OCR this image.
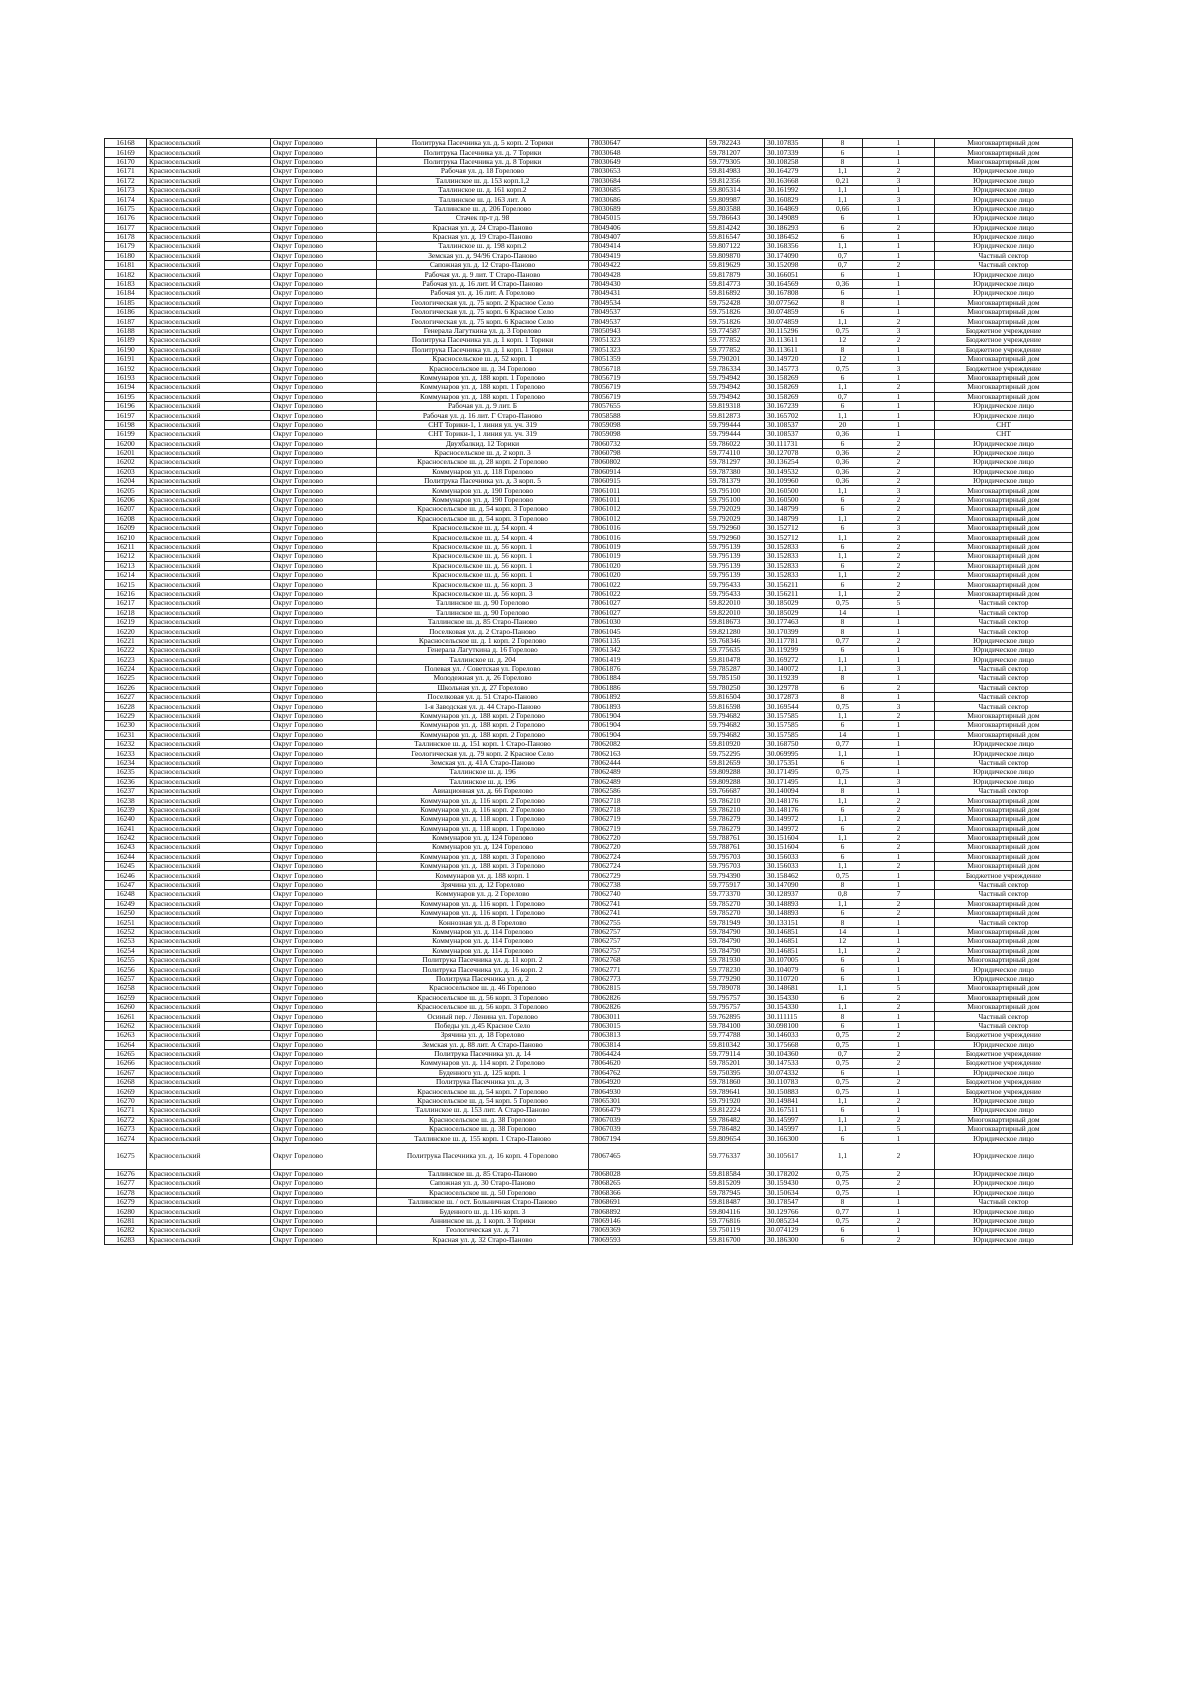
16168	Красносельский	Округ Горелово	Политрука Пасечника ул. д. 5 корп. 2 Торики	78030647	59.782243	30.107835	8	1	Многоквартирный дом
16169	Красносельский	Округ Горелово	Политрука Пасечника ул. д. 7 Торики	78030648	59.781207	30.107339	6	1	Многоквартирный дом
16170	Красносельский	Округ Горелово	Политрука Пасечника ул. д. 8 Торики	78030649	59.779305	30.108258	8	1	Многоквартирный дом
16171	Красносельский	Округ Горелово	Рабочая ул. д. 18 Горелово	78030653	59.814983	30.164279	1,1	2	Юридическое лицо
16172	Красносельский	Округ Горелово	Таллинское ш. д. 153 корп.1,2	78030684	59.812356	30.163668	0,21	3	Юридическое лицо
16173	Красносельский	Округ Горелово	Таллинское ш. д. 161 корп.2	78030685	59.805314	30.161992	1,1	1	Юридическое лицо
16174	Красносельский	Округ Горелово	Таллинское ш. д. 163 лит. А	78030686	59.809987	30.160829	1,1	3	Юридическое лицо
16175	Красносельский	Округ Горелово	Таллинское ш. д. 206 Горелово	78030689	59.803588	30.164869	0,66	1	Юридическое лицо
16176	Красносельский	Округ Горелово	Стачек пр-т д. 98	78045015	59.786643	30.149089	6	1	Юридическое лицо
16177	Красносельский	Округ Горелово	Красная ул. д. 24 Старо-Паново	78049406	59.814242	30.186293	6	2	Юридическое лицо
16178	Красносельский	Округ Горелово	Красная ул. д. 19 Старо-Паново	78049407	59.816547	30.186452	6	1	Юридическое лицо
16179	Красносельский	Округ Горелово	Таллинское ш. д. 198 корп.2	78049414	59.807122	30.168356	1,1	1	Юридическое лицо
16180	Красносельский	Округ Горелово	Земская ул. д. 94/96 Старо-Паново	78049419	59.809870	30.174090	0,7	1	Частный сектор
16181	Красносельский	Округ Горелово	Сапожная ул. д. 12 Старо-Паново	78049422	59.819629	30.152098	0,7	2	Частный сектор
16182	Красносельский	Округ Горелово	Рабочая ул. д. 9 лит. Т Старо-Паново	78049428	59.817879	30.166051	6	1	Юридическое лицо
16183	Красносельский	Округ Горелово	Рабочая ул. д. 16 лит. И Старо-Паново	78049430	59.814773	30.164569	0,36	1	Юридическое лицо
16184	Красносельский	Округ Горелово	Рабочая ул. д. 16 лит. А Горелово	78049431	59.816892	30.167808	6	1	Юридическое лицо
16185	Красносельский	Округ Горелово	Геологическая ул. д. 75 корп. 2 Красное Село	78049534	59.752428	30.077562	8	1	Многоквартирный дом
16186	Красносельский	Округ Горелово	Геологическая ул. д. 75 корп. 6 Красное Село	78049537	59.751826	30.074859	6	1	Многоквартирный дом
16187	Красносельский	Округ Горелово	Геологическая ул. д. 75 корп. 6 Красное Село	78049537	59.751826	30.074859	1,1	2	Многоквартирный дом
16188	Красносельский	Округ Горелово	Генерала Лагуткина ул. д. 3 Горелово	78050943	59.774587	30.115296	0,75	3	Бюджетное учреждение
16189	Красносельский	Округ Горелово	Политрука Пасечника ул. д. 1 корп. 1 Торики	78051323	59.777852	30.113611	12	2	Бюджетное учреждение
16190	Красносельский	Округ Горелово	Политрука Пасечника ул. д. 1 корп. 1 Торики	78051323	59.777852	30.113611	8	1	Бюджетное учреждение
16191	Красносельский	Округ Горелово	Красносельское ш. д. 52 корп. 1	78051359	59.790201	30.149720	12	1	Многоквартирный дом
16192	Красносельский	Округ Горелово	Красносельское ш. д. 34 Горелово	78056718	59.786334	30.145773	0,75	3	Бюджетное учреждение
16193	Красносельский	Округ Горелово	Коммунаров ул. д. 188 корп. 1 Горелово	78056719	59.794942	30.158269	6	1	Многоквартирный дом
16194	Красносельский	Округ Горелово	Коммунаров ул. д. 188 корп. 1 Горелово	78056719	59.794942	30.158269	1,1	2	Многоквартирный дом
16195	Красносельский	Округ Горелово	Коммунаров ул. д. 188 корп. 1 Горелово	78056719	59.794942	30.158269	0,7	1	Многоквартирный дом
16196	Красносельский	Округ Горелово	Рабочая ул. д. 9 лит. Б	78057655	59.819318	30.167239	6	1	Юридическое лицо
16197	Красносельский	Округ Горелово	Рабочая ул. д. 16 лит. Г Старо-Паново	78058588	59.812873	30.165702	1,1	1	Юридическое лицо
16198	Красносельский	Округ Горелово	СНТ Торики-1, 1 линия ул. уч. 319	78059098	59.799444	30.108537	20	1	СНТ
16199	Красносельский	Округ Горелово	СНТ Торики-1, 1 линия ул. уч. 319	78059098	59.799444	30.108537	0,36	1	СНТ
16200	Красносельский	Округ Горелово	Двухбалкид. 12 Торики	78060732	59.786022	30.111731	6	2	Юридическое лицо
16201	Красносельский	Округ Горелово	Красносельское ш. д. 2 корп. 3	78060798	59.774110	30.127078	0,36	2	Юридическое лицо
16202	Красносельский	Округ Горелово	Красносельское ш. д. 28 корп. 2 Горелово	78060802	59.781297	30.136254	0,36	2	Юридическое лицо
16203	Красносельский	Округ Горелово	Коммунаров ул. д. 118 Горелово	78060914	59.787380	30.149532	0,36	2	Юридическое лицо
16204	Красносельский	Округ Горелово	Политрука Пасечника ул. д. 3 корп. 5	78060915	59.781379	30.109960	0,36	2	Юридическое лицо
16205	Красносельский	Округ Горелово	Коммунаров ул. д. 190 Горелово	78061011	59.795100	30.160500	1,1	3	Многоквартирный дом
16206	Красносельский	Округ Горелово	Коммунаров ул. д. 190 Горелово	78061011	59.795100	30.160500	6	2	Многоквартирный дом
16207	Красносельский	Округ Горелово	Красносельское ш. д. 54 корп. 3 Горелово	78061012	59.792029	30.148799	6	2	Многоквартирный дом
16208	Красносельский	Округ Горелово	Красносельское ш. д. 54 корп. 3 Горелово	78061012	59.792029	30.148799	1,1	2	Многоквартирный дом
16209	Красносельский	Округ Горелово	Красносельское ш. д. 54 корп. 4	78061016	59.792960	30.152712	6	3	Многоквартирный дом
16210	Красносельский	Округ Горелово	Красносельское ш. д. 54 корп. 4	78061016	59.792960	30.152712	1,1	2	Многоквартирный дом
16211	Красносельский	Округ Горелово	Красносельское ш. д. 56 корп. 1	78061019	59.795139	30.152833	6	2	Многоквартирный дом
16212	Красносельский	Округ Горелово	Красносельское ш. д. 56 корп. 1	78061019	59.795139	30.152833	1,1	2	Многоквартирный дом
16213	Красносельский	Округ Горелово	Красносельское ш. д. 56 корп. 1	78061020	59.795139	30.152833	6	2	Многоквартирный дом
16214	Красносельский	Округ Горелово	Красносельское ш. д. 56 корп. 1	78061020	59.795139	30.152833	1,1	2	Многоквартирный дом
16215	Красносельский	Округ Горелово	Красносельское ш. д. 56 корп. 3	78061022	59.795433	30.156211	6	2	Многоквартирный дом
16216	Красносельский	Округ Горелово	Красносельское ш. д. 56 корп. 3	78061022	59.795433	30.156211	1,1	2	Многоквартирный дом
16217	Красносельский	Округ Горелово	Таллинское ш. д. 90 Горелово	78061027	59.822010	30.185029	0,75	5	Частный сектор
16218	Красносельский	Округ Горелово	Таллинское ш. д. 90 Горелово	78061027	59.822010	30.185029	14	1	Частный сектор
16219	Красносельский	Округ Горелово	Таллинское ш. д. 85 Старо-Паново	78061030	59.818673	30.177463	8	1	Частный сектор
16220	Красносельский	Округ Горелово	Поселковая ул. д. 2 Старо-Паново	78061045	59.821280	30.170399	8	1	Частный сектор
16221	Красносельский	Округ Горелово	Красносельское ш. д. 1 корп. 2 Горелово	78061135	59.768346	30.117781	0,77	2	Юридическое лицо
16222	Красносельский	Округ Горелово	Генерала Лагуткина д. 16 Горелово	78061342	59.775635	30.119299	6	1	Юридическое лицо
16223	Красносельский	Округ Горелово	Таллинское ш. д. 204	78061419	59.810478	30.169272	1,1	1	Юридическое лицо
16224	Красносельский	Округ Горелово	Полевая ул. / Советская ул. Горелово	78061876	59.785287	30.140072	1,1	3	Частный сектор
16225	Красносельский	Округ Горелово	Молодежная ул. д. 26 Горелово	78061884	59.785150	30.119239	8	1	Частный сектор
16226	Красносельский	Округ Горелово	Школьная ул. д. 27 Горелово	78061886	59.780250	30.129778	6	2	Частный сектор
16227	Красносельский	Округ Горелово	Поселковая ул. д. 51 Старо-Паново	78061892	59.816504	30.172873	8	1	Частный сектор
16228	Красносельский	Округ Горелово	1-я Заводская ул. д. 44 Старо-Паново	78061893	59.816598	30.169544	0,75	3	Частный сектор
16229	Красносельский	Округ Горелово	Коммунаров ул. д. 188 корп. 2 Горелово	78061904	59.794682	30.157585	1,1	2	Многоквартирный дом
16230	Красносельский	Округ Горелово	Коммунаров ул. д. 188 корп. 2 Горелово	78061904	59.794682	30.157585	6	1	Многоквартирный дом
16231	Красносельский	Округ Горелово	Коммунаров ул. д. 188 корп. 2 Горелово	78061904	59.794682	30.157585	14	1	Многоквартирный дом
16232	Красносельский	Округ Горелово	Таллинское ш. д. 151 корп. 1 Старо-Паново	78062082	59.810920	30.168750	0,77	1	Юридическое лицо
16233	Красносельский	Округ Горелово	Геологическая ул. д. 79 корп. 2 Красное Село	78062163	59.752295	30.069995	1,1	1	Юридическое лицо
16234	Красносельский	Округ Горелово	Земская ул. д. 41А Старо-Паново	78062444	59.812659	30.175351	6	1	Частный сектор
16235	Красносельский	Округ Горелово	Таллинское ш. д. 196	78062489	59.809288	30.171495	0,75	1	Юридическое лицо
16236	Красносельский	Округ Горелово	Таллинское ш. д. 196	78062489	59.809288	30.171495	1,1	3	Юридическое лицо
16237	Красносельский	Округ Горелово	Авиационная ул. д. 66 Горелово	78062586	59.766687	30.140094	8	1	Частный сектор
16238	Красносельский	Округ Горелово	Коммунаров ул. д. 116 корп. 2 Горелово	78062718	59.786210	30.148176	1,1	2	Многоквартирный дом
16239	Красносельский	Округ Горелово	Коммунаров ул. д. 116 корп. 2 Горелово	78062718	59.786210	30.148176	6	2	Многоквартирный дом
16240	Красносельский	Округ Горелово	Коммунаров ул. д. 118 корп. 1 Горелово	78062719	59.786279	30.149972	1,1	2	Многоквартирный дом
16241	Красносельский	Округ Горелово	Коммунаров ул. д. 118 корп. 1 Горелово	78062719	59.786279	30.149972	6	2	Многоквартирный дом
16242	Красносельский	Округ Горелово	Коммунаров ул. д. 124 Горелово	78062720	59.788761	30.151604	1,1	2	Многоквартирный дом
16243	Красносельский	Округ Горелово	Коммунаров ул. д. 124 Горелово	78062720	59.788761	30.151604	6	2	Многоквартирный дом
16244	Красносельский	Округ Горелово	Коммунаров ул. д. 188 корп. 3 Горелово	78062724	59.795703	30.156033	6	1	Многоквартирный дом
16245	Красносельский	Округ Горелово	Коммунаров ул. д. 188 корп. 3 Горелово	78062724	59.795703	30.156033	1,1	2	Многоквартирный дом
16246	Красносельский	Округ Горелово	Коммунаров ул. д. 188 корп. 1	78062729	59.794390	30.158462	0,75	1	Бюджетное учреждение
16247	Красносельский	Округ Горелово	Зрячина ул. д. 12 Горелово	78062738	59.775917	30.147090	8	1	Частный сектор
16248	Красносельский	Округ Горелово	Коммунаров ул. д. 2 Горелово	78062740	59.773370	30.128937	0,8	7	Частный сектор
16249	Красносельский	Округ Горелово	Коммунаров ул. д. 116 корп. 1 Горелово	78062741	59.785270	30.148893	1,1	2	Многоквартирный дом
16250	Красносельский	Округ Горелово	Коммунаров ул. д. 116 корп. 1 Горелово	78062741	59.785270	30.148893	6	2	Многоквартирный дом
16251	Красносельский	Округ Горелово	Коннозная ул. д. 8 Горелово	78062755	59.781949	30.133151	8	1	Частный сектор
16252	Красносельский	Округ Горелово	Коммунаров ул. д. 114 Горелово	78062757	59.784790	30.146851	14	1	Многоквартирный дом
16253	Красносельский	Округ Горелово	Коммунаров ул. д. 114 Горелово	78062757	59.784790	30.146851	12	1	Многоквартирный дом
16254	Красносельский	Округ Горелово	Коммунаров ул. д. 114 Горелово	78062757	59.784790	30.146851	1,1	2	Многоквартирный дом
16255	Красносельский	Округ Горелово	Политрука Пасечника ул. д. 11 корп. 2	78062768	59.781930	30.107005	6	1	Многоквартирный дом
16256	Красносельский	Округ Горелово	Политрука Пасечника ул. д. 16 корп. 2	78062771	59.778230	30.104079	6	1	Юридическое лицо
16257	Красносельский	Округ Горелово	Политрука Пасечника ул. д. 2	78062773	59.779290	30.110720	6	1	Юридическое лицо
16258	Красносельский	Округ Горелово	Красносельское ш. д. 46 Горелово	78062815	59.789078	30.148681	1,1	5	Многоквартирный дом
16259	Красносельский	Округ Горелово	Красносельское ш. д. 56 корп. 3 Горелово	78062826	59.795757	30.154330	6	2	Многоквартирный дом
16260	Красносельский	Округ Горелово	Красносельское ш. д. 56 корп. 3 Горелово	78062826	59.795757	30.154330	1,1	2	Многоквартирный дом
16261	Красносельский	Округ Горелово	Осиный пер. / Ленина ул. Горелово	78063011	59.762895	30.111115	8	1	Частный сектор
16262	Красносельский	Округ Горелово	Победы ул. д.45 Красное Село	78063015	59.784100	30.098100	6	1	Частный сектор
16263	Красносельский	Округ Горелово	Зрячина ул. д. 18 Горелово	78063813	59.774788	30.146033	0,75	2	Бюджетное учреждение
16264	Красносельский	Округ Горелово	Земская ул. д. 88 лит. А Старо-Паново	78063814	59.810342	30.175668	0,75	1	Юридическое лицо
16265	Красносельский	Округ Горелово	Политрука Пасечника ул. д. 14	78064424	59.779114	30.104360	0,7	2	Бюджетное учреждение
16266	Красносельский	Округ Горелово	Коммунаров ул. д. 114 корп. 2 Горелово	78064620	59.785201	30.147533	0,75	2	Бюджетное учреждение
16267	Красносельский	Округ Горелово	Буденного ул. д. 125 корп. 1	78064762	59.750395	30.074332	6	1	Юридическое лицо
16268	Красносельский	Округ Горелово	Политрука Пасечника ул. д. 3	78064920	59.781860	30.110783	0,75	2	Бюджетное учреждение
16269	Красносельский	Округ Горелово	Красносельское ш. д. 54 корп. 7 Горелово	78064930	59.789641	30.150883	0,75	1	Бюджетное учреждение
16270	Красносельский	Округ Горелово	Красносельское ш. д. 54 корп. 5 Горелово	78065301	59.791920	30.149841	1,1	2	Юридическое лицо
16271	Красносельский	Округ Горелово	Таллинское ш. д. 153 лит. А Старо-Паново	78066479	59.812224	30.167511	6	1	Юридическое лицо
16272	Красносельский	Округ Горелово	Красносельское ш. д. 38 Горелово	78067039	59.786482	30.145997	1,1	2	Многоквартирный дом
16273	Красносельский	Округ Горелово	Красносельское ш. д. 38 Горелово	78067039	59.786482	30.145997	1,1	5	Многоквартирный дом
16274	Красносельский	Округ Горелово	Таллинское ш. д. 155 корп. 1 Старо-Паново	78067194	59.809654	30.166300	6	1	Юридическое лицо
16275	Красносельский	Округ Горелово	Политрука Пасечника ул. д. 16 корп. 4 Горелово	78067465	59.776337	30.105617	1,1	2	Юридическое лицо
16276	Красносельский	Округ Горелово	Таллинское ш. д. 85 Старо-Паново	78068028	59.818584	30.178202	0,75	2	Юридическое лицо
16277	Красносельский	Округ Горелово	Сапожная ул. д. 30 Старо-Паново	78068265	59.815209	30.159430	0,75	2	Юридическое лицо
16278	Красносельский	Округ Горелово	Красносельское ш. д. 50 Горелово	78068366	59.787945	30.150634	0,75	1	Юридическое лицо
16279	Красносельский	Округ Горелово	Таллинское ш. / ост. Больничная Старо-Паново	78068691	59.818487	30.178547	8	1	Частный сектор
16280	Красносельский	Округ Горелово	Буденного ш. д. 116 корп. 3	78068892	59.804116	30.129766	0,77	1	Юридическое лицо
16281	Красносельский	Округ Горелово	Аннинское ш. д. 1 корп. 3 Торики	78069146	59.776816	30.085234	0,75	2	Юридическое лицо
16282	Красносельский	Округ Горелово	Геологическая ул. д. 71	78069369	59.750119	30.074129	6	1	Юридическое лицо
16283	Красносельский	Округ Горелово	Красная ул. д. 32 Старо-Паново	78069593	59.816700	30.186300	6	2	Юридическое лицо
